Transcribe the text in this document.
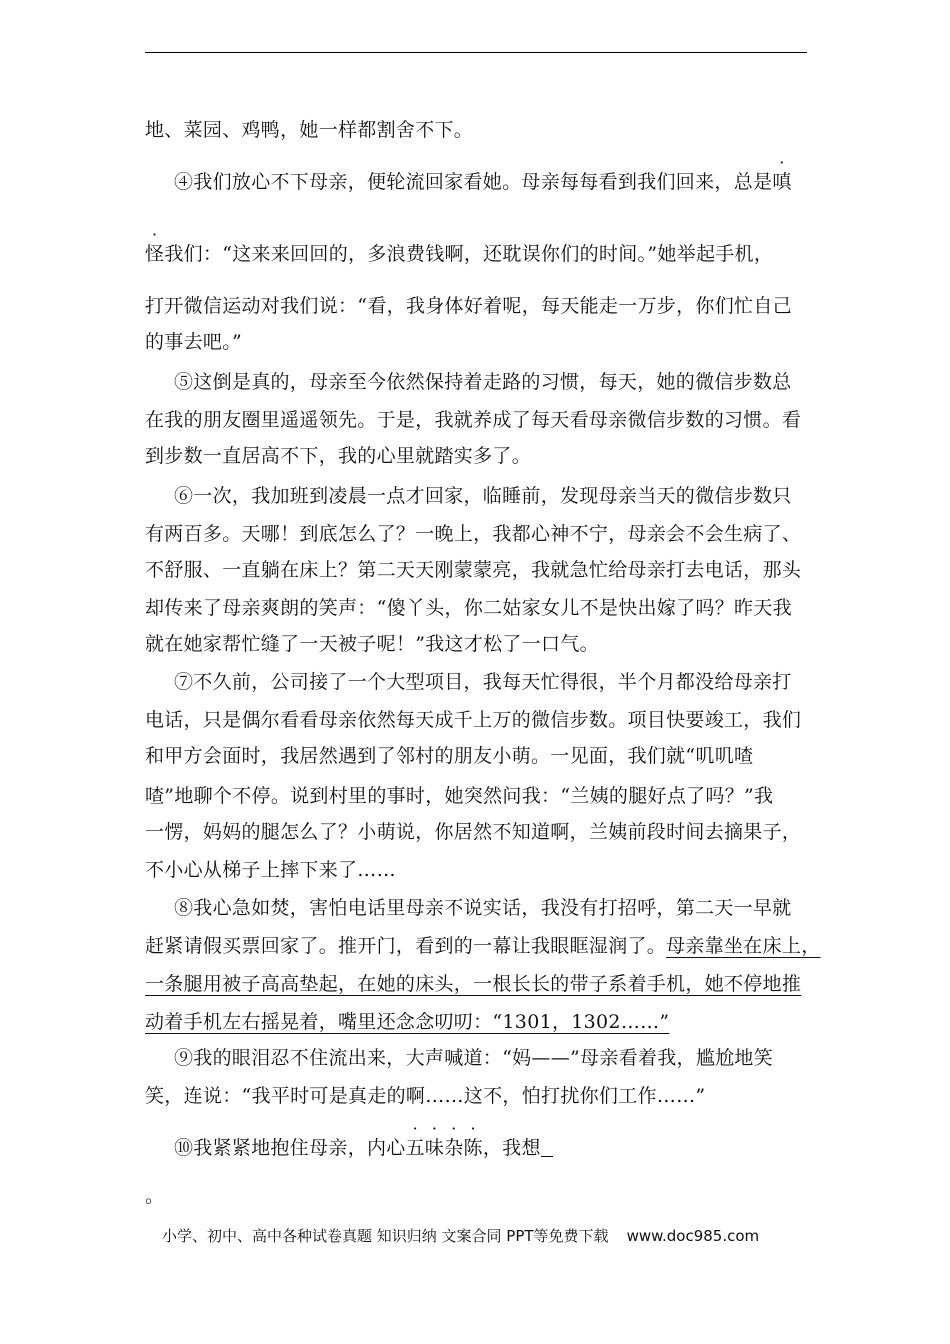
地、菜园、鸡鸭，她一样都割舍不下。
④我们放心不下母亲，便轮流回家看她。母亲每每看到我们回来，总是嗔
怪我们：“这来来回回的，多浪费钱啊，还耽误你们的时间。”她举起手机，
打开微信运动对我们说：“看，我身体好着呢，每天能走一万步，你们忙自己
的事去吧。”
⑤这倒是真的，母亲至今依然保持着走路的习惯，每天，她的微信步数总
在我的朋友圈里遥遥领先。于是，我就养成了每天看母亲微信步数的习惯。看
到步数一直居高不下，我的心里就踏实多了。
⑥一次，我加班到凌晨一点才回家，临睡前，发现母亲当天的微信步数只
有两百多。天哪！到底怎么了？一晚上，我都心神不宁，母亲会不会生病了、
不舒服、一直躺在床上？第二天天刚蒙蒙亮，我就急忙给母亲打去电话，那头
却传来了母亲爽朗的笑声：“傻丫头，你二姑家女儿不是快出嫁了吗？昨天我
就在她家帮忙缝了一天被子呢！”我这才松了一口气。
⑦不久前，公司接了一个大型项目，我每天忙得很，半个月都没给母亲打
电话，只是偶尔看看母亲依然每天成千上万的微信步数。项目快要竣工，我们
和甲方会面时，我居然遇到了邻村的朋友小萌。一见面，我们就“叽叽喳
喳”地聊个不停。说到村里的事时，她突然问我：“兰姨的腿好点了吗？”我
一愣，妈妈的腿怎么了？小萌说，你居然不知道啊，兰姨前段时间去摘果子，
不小心从梯子上摔下来了……
⑧我心急如焚，害怕电话里母亲不说实话，我没有打招呼，第二天一早就
赶紧请假买票回家了。推开门，看到的一幕让我眼眶湿润了。母亲靠坐在床上，
一条腿用被子高高垫起，在她的床头，一根长长的带子系着手机，她不停地推
动着手机左右摇晃着，嘴里还念念叨叨：“1301，1302……”
⑨我的眼泪忍不住流出来，大声喊道：“妈——”母亲看着我，尴尬地笑
笑，连说：“我平时可是真走的啊……这不，怕打扰你们工作……”
⑩我紧紧地抱住母亲，内心五味杂陈，我想
。
小学、初中、高中各种试卷真题 知识归纳 文案合同 PPT等免费下载 www.doc985.com
